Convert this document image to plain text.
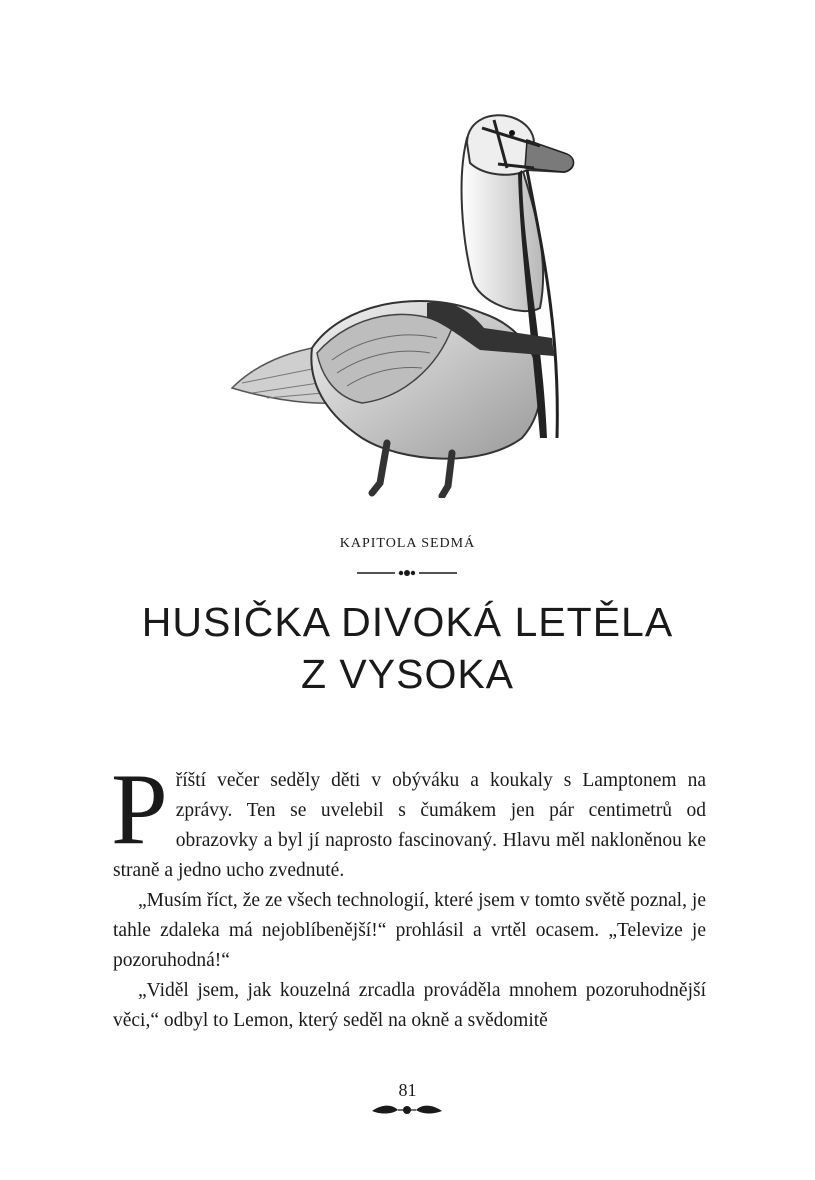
KAPITOLA SEDMÁ
HUSIČKA DIVOKÁ LETĚLA
Z VYSOKA

Příští večer seděly děti v obýváku a koukaly s Lamptonem na zprávy. Ten se uvelebil s čumákem jen pár centimetrů od obrazovky a byl jí naprosto fascinovaný. Hlavu měl nakloněnou ke straně a jedno ucho zvednuté.

„Musím říct, že ze všech technologií, které jsem v tomto světě poznal, je tahle zdaleka má nejoblíbenější!“ prohlásil a vrtěl ocasem. „Televize je pozoruhodná!“

„Viděl jsem, jak kouzelná zrcadla prováděla mnohem pozoruhodnější věci,“ odbyl to Lemon, který seděl na okně a svědomitě

81
